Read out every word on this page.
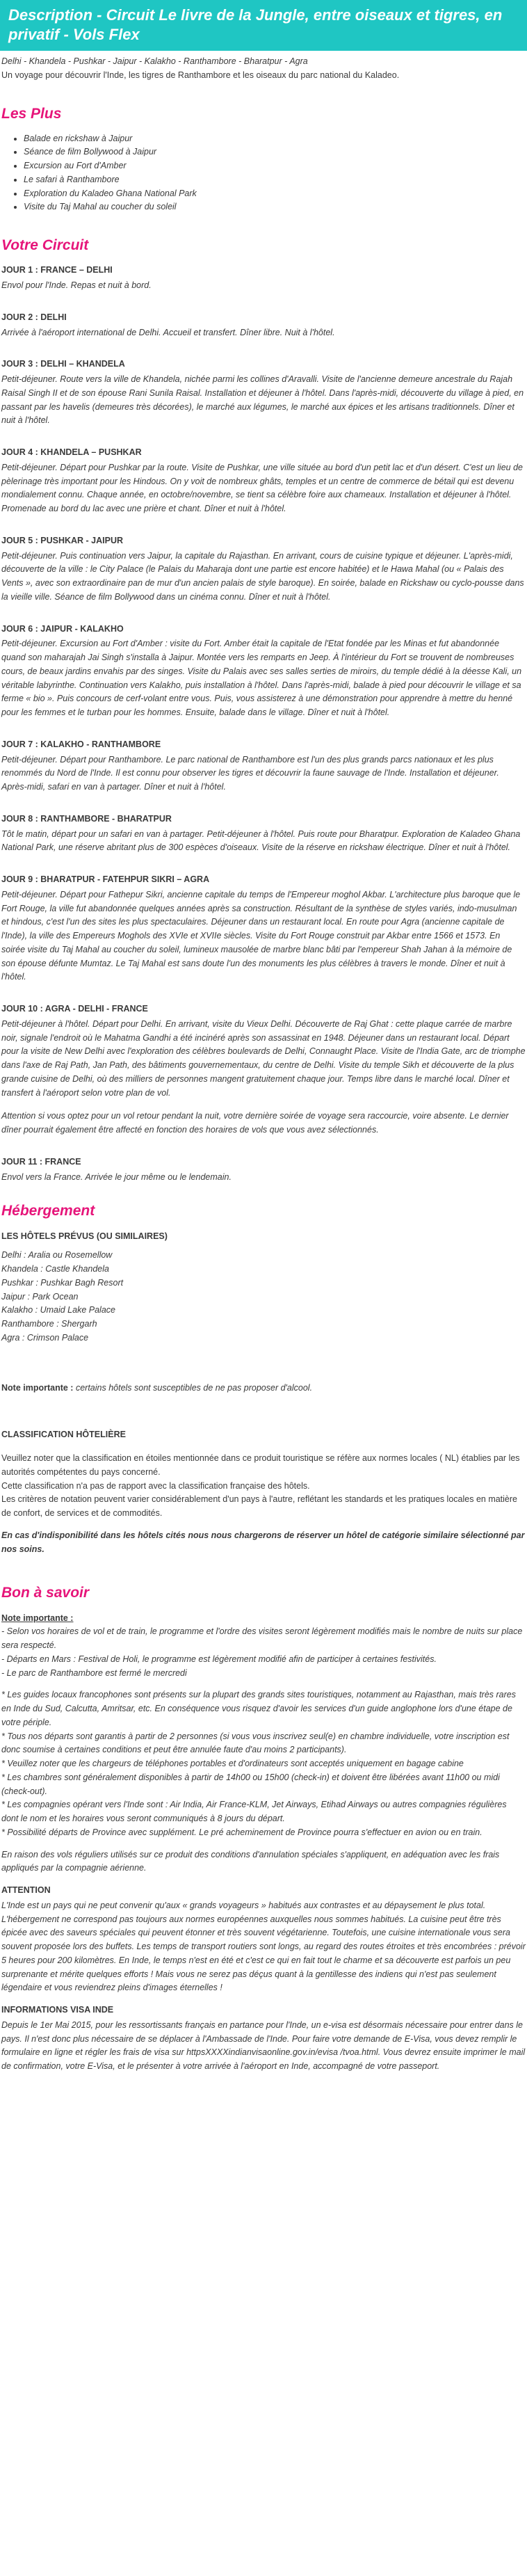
Description - Circuit Le livre de la Jungle, entre oiseaux et tigres, en privatif - Vols Flex

Delhi - Khandela - Pushkar - Jaipur - Kalakho - Ranthambore - Bharatpur - Agra

Un voyage pour découvrir l'Inde, les tigres de Ranthambore et les oiseaux du parc national du Kaladeo.

Les Plus
• Balade en rickshaw à Jaipur
• Séance de film Bollywood à Jaipur
• Excursion au Fort d'Amber
• Le safari à Ranthambore
• Exploration du Kaladeo Ghana National Park
• Visite du Taj Mahal au coucher du soleil
Votre Circuit
JOUR 1 : FRANCE – DELHI

Envol pour l'Inde. Repas et nuit à bord.

JOUR 2 : DELHI

Arrivée à l'aéroport international de Delhi. Accueil et transfert. Dîner libre. Nuit à l'hôtel.

JOUR 3 : DELHI – KHANDELA

Petit-déjeuner. Route vers la ville de Khandela, nichée parmi les collines d'Aravalli. Visite de l'ancienne demeure ancestrale du Rajah Raisal Singh II et de son épouse Rani Sunila Raisal. Installation et déjeuner à l'hôtel. Dans l'après-midi, découverte du village à pied, en passant par les havelis (demeures très décorées), le marché aux légumes, le marché aux épices et les artisans traditionnels. Dîner et nuit à l'hôtel.

JOUR 4 : KHANDELA – PUSHKAR

Petit-déjeuner. Départ pour Pushkar par la route. Visite de Pushkar, une ville située au bord d'un petit lac et d'un désert. C'est un lieu de pèlerinage très important pour les Hindous. On y voit de nombreux ghâts, temples et un centre de commerce de bétail qui est devenu mondialement connu. Chaque année, en octobre/novembre, se tient sa célèbre foire aux chameaux. Installation et déjeuner à l'hôtel. Promenade au bord du lac avec une prière et chant. Dîner et nuit à l'hôtel.

JOUR 5 : PUSHKAR - JAIPUR

Petit-déjeuner. Puis continuation vers Jaipur, la capitale du Rajasthan. En arrivant, cours de cuisine typique et déjeuner. L'après-midi, découverte de la ville : le City Palace (le Palais du Maharaja dont une partie est encore habitée) et le Hawa Mahal (ou « Palais des Vents », avec son extraordinaire pan de mur d'un ancien palais de style baroque). En soirée, balade en Rickshaw ou cyclo-pousse dans la vieille ville. Séance de film Bollywood dans un cinéma connu. Dîner et nuit à l'hôtel.

JOUR 6 : JAIPUR - KALAKHO

Petit-déjeuner. Excursion au Fort d'Amber : visite du Fort. Amber était la capitale de l'Etat fondée par les Minas et fut abandonnée quand son maharajah Jai Singh s'installa à Jaipur. Montée vers les remparts en Jeep. À l'intérieur du Fort se trouvent de nombreuses cours, de beaux jardins envahis par des singes. Visite du Palais avec ses salles serties de miroirs, du temple dédié à la déesse Kali, un véritable labyrinthe. Continuation vers Kalakho, puis installation à l'hôtel. Dans l'après-midi, balade à pied pour découvrir le village et sa ferme « bio ». Puis concours de cerf-volant entre vous. Puis, vous assisterez à une démonstration pour apprendre à mettre du henné pour les femmes et le turban pour les hommes. Ensuite, balade dans le village. Dîner et nuit à l'hôtel.

JOUR 7 : KALAKHO - RANTHAMBORE

Petit-déjeuner. Départ pour Ranthambore. Le parc national de Ranthambore est l'un des plus grands parcs nationaux et les plus renommés du Nord de l'Inde. Il est connu pour observer les tigres et découvrir la faune sauvage de l'Inde. Installation et déjeuner. Après-midi, safari en van à partager. Dîner et nuit à l'hôtel.

JOUR 8 : RANTHAMBORE - BHARATPUR

Tôt le matin, départ pour un safari en van à partager. Petit-déjeuner à l'hôtel. Puis route pour Bharatpur. Exploration de Kaladeo Ghana National Park, une réserve abritant plus de 300 espèces d'oiseaux. Visite de la réserve en rickshaw électrique. Dîner et nuit à l'hôtel.

JOUR 9 : BHARATPUR - FATEHPUR SIKRI – AGRA

Petit-déjeuner. Départ pour Fathepur Sikri, ancienne capitale du temps de l'Empereur moghol Akbar. L'architecture plus baroque que le Fort Rouge, la ville fut abandonnée quelques années après sa construction. Résultant de la synthèse de styles variés, indo-musulman et hindous, c'est l'un des sites les plus spectaculaires. Déjeuner dans un restaurant local. En route pour Agra (ancienne capitale de l'Inde), la ville des Empereurs Moghols des XVIe et XVIIe siècles. Visite du Fort Rouge construit par Akbar entre 1566 et 1573. En soirée visite du Taj Mahal au coucher du soleil, lumineux mausolée de marbre blanc bâti par l'empereur Shah Jahan à la mémoire de son épouse défunte Mumtaz. Le Taj Mahal est sans doute l'un des monuments les plus célèbres à travers le monde. Dîner et nuit à l'hôtel.

JOUR 10 : AGRA - DELHI - FRANCE

Petit-déjeuner à l'hôtel. Départ pour Delhi. En arrivant, visite du Vieux Delhi. Découverte de Raj Ghat : cette plaque carrée de marbre noir, signale l'endroit où le Mahatma Gandhi a été incinéré après son assassinat en 1948. Déjeuner dans un restaurant local. Départ pour la visite de New Delhi avec l'exploration des célèbres boulevards de Delhi, Connaught Place. Visite de l'India Gate, arc de triomphe dans l'axe de Raj Path, Jan Path, des bâtiments gouvernementaux, du centre de Delhi. Visite du temple Sikh et découverte de la plus grande cuisine de Delhi, où des milliers de personnes mangent gratuitement chaque jour. Temps libre dans le marché local. Dîner et transfert à l'aéroport selon votre plan de vol.

Attention si vous optez pour un vol retour pendant la nuit, votre dernière soirée de voyage sera raccourcie, voire absente. Le dernier dîner pourrait également être affecté en fonction des horaires de vols que vous avez sélectionnés.

JOUR 11 : FRANCE

Envol vers la France. Arrivée le jour même ou le lendemain.

Hébergement
LES HÔTELS PRÉVUS (OU SIMILAIRES)
Delhi : Aralia ou Rosemellow
Khandela : Castle Khandela
Pushkar : Pushkar Bagh Resort
Jaipur : Park Ocean
Kalakho : Umaid Lake Palace
Ranthambore : Shergarh
Agra : Crimson Palace

Note importante : certains hôtels sont susceptibles de ne pas proposer d'alcool.

CLASSIFICATION HÔTELIÈRE
Veuillez noter que la classification en étoiles mentionnée dans ce produit touristique se réfère aux normes locales ( NL) établies par les autorités compétentes du pays concerné.
Cette classification n'a pas de rapport avec la classification française des hôtels.
Les critères de notation peuvent varier considérablement d'un pays à l'autre, reflétant les standards et les pratiques locales en matière de confort, de services et de commodités.

En cas d'indisponibilité dans les hôtels cités nous nous chargerons de réserver un hôtel de catégorie similaire sélectionné par nos soins.

Bon à savoir
Note importante :
- Selon vos horaires de vol et de train, le programme et l'ordre des visites seront légèrement modifiés mais le nombre de nuits sur place sera respecté.
- Départs en Mars : Festival de Holi, le programme est légèrement modifié afin de participer à certaines festivités.
- Le parc de Ranthambore est fermé le mercredi
* Les guides locaux francophones sont présents sur la plupart des grands sites touristiques, notamment au Rajasthan, mais très rares en Inde du Sud, Calcutta, Amritsar, etc. En conséquence vous risquez d'avoir les services d'un guide anglophone lors d'une étape de votre périple.
* Tous nos départs sont garantis à partir de 2 personnes (si vous vous inscrivez seul(e) en chambre individuelle, votre inscription est donc soumise à certaines conditions et peut être annulée faute d'au moins 2 participants).
* Veuillez noter que les chargeurs de téléphones portables et d'ordinateurs sont acceptés uniquement en bagage cabine
* Les chambres sont généralement disponibles à partir de 14h00 ou 15h00 (check-in) et doivent être libérées avant 11h00 ou midi (check-out).
* Les compagnies opérant vers l'Inde sont : Air India, Air France-KLM, Jet Airways, Etihad Airways ou autres compagnies régulières dont le nom et les horaires vous seront communiqués à 8 jours du départ.
* Possibilité départs de Province avec supplément. Le pré acheminement de Province pourra s'effectuer en avion ou en train.

En raison des vols réguliers utilisés sur ce produit des conditions d'annulation spéciales s'appliquent, en adéquation avec les frais appliqués par la compagnie aérienne.

ATTENTION

L'Inde est un pays qui ne peut convenir qu'aux « grands voyageurs » habitués aux contrastes et au dépaysement le plus total. L'hébergement ne correspond pas toujours aux normes européennes auxquelles nous sommes habitués. La cuisine peut être très épicée avec des saveurs spéciales qui peuvent étonner et très souvent végétarienne. Toutefois, une cuisine internationale vous sera souvent proposée lors des buffets. Les temps de transport routiers sont longs, au regard des routes étroites et très encombrées : prévoir 5 heures pour 200 kilomètres. En Inde, le temps n'est en été et c'est ce qui en fait tout le charme et sa découverte est parfois un peu surprenante et mérite quelques efforts ! Mais vous ne serez pas déçus quant à la gentillesse des indiens qui n'est pas seulement légendaire et vous reviendrez pleins d'images éternelles !

INFORMATIONS VISA INDE

Depuis le 1er Mai 2015, pour les ressortissants français en partance pour l'Inde, un e-visa est désormais nécessaire pour entrer dans le pays. Il n'est donc plus nécessaire de se déplacer à l'Ambassade de l'Inde. Pour faire votre demande de E-Visa, vous devez remplir le formulaire en ligne et régler les frais de visa sur httpsXXXXindianvisaonline.gov.in/evisa /tvoa.html. Vous devrez ensuite imprimer le mail de confirmation, votre E-Visa, et le présenter à votre arrivée à l'aéroport en Inde, accompagné de votre passeport.
